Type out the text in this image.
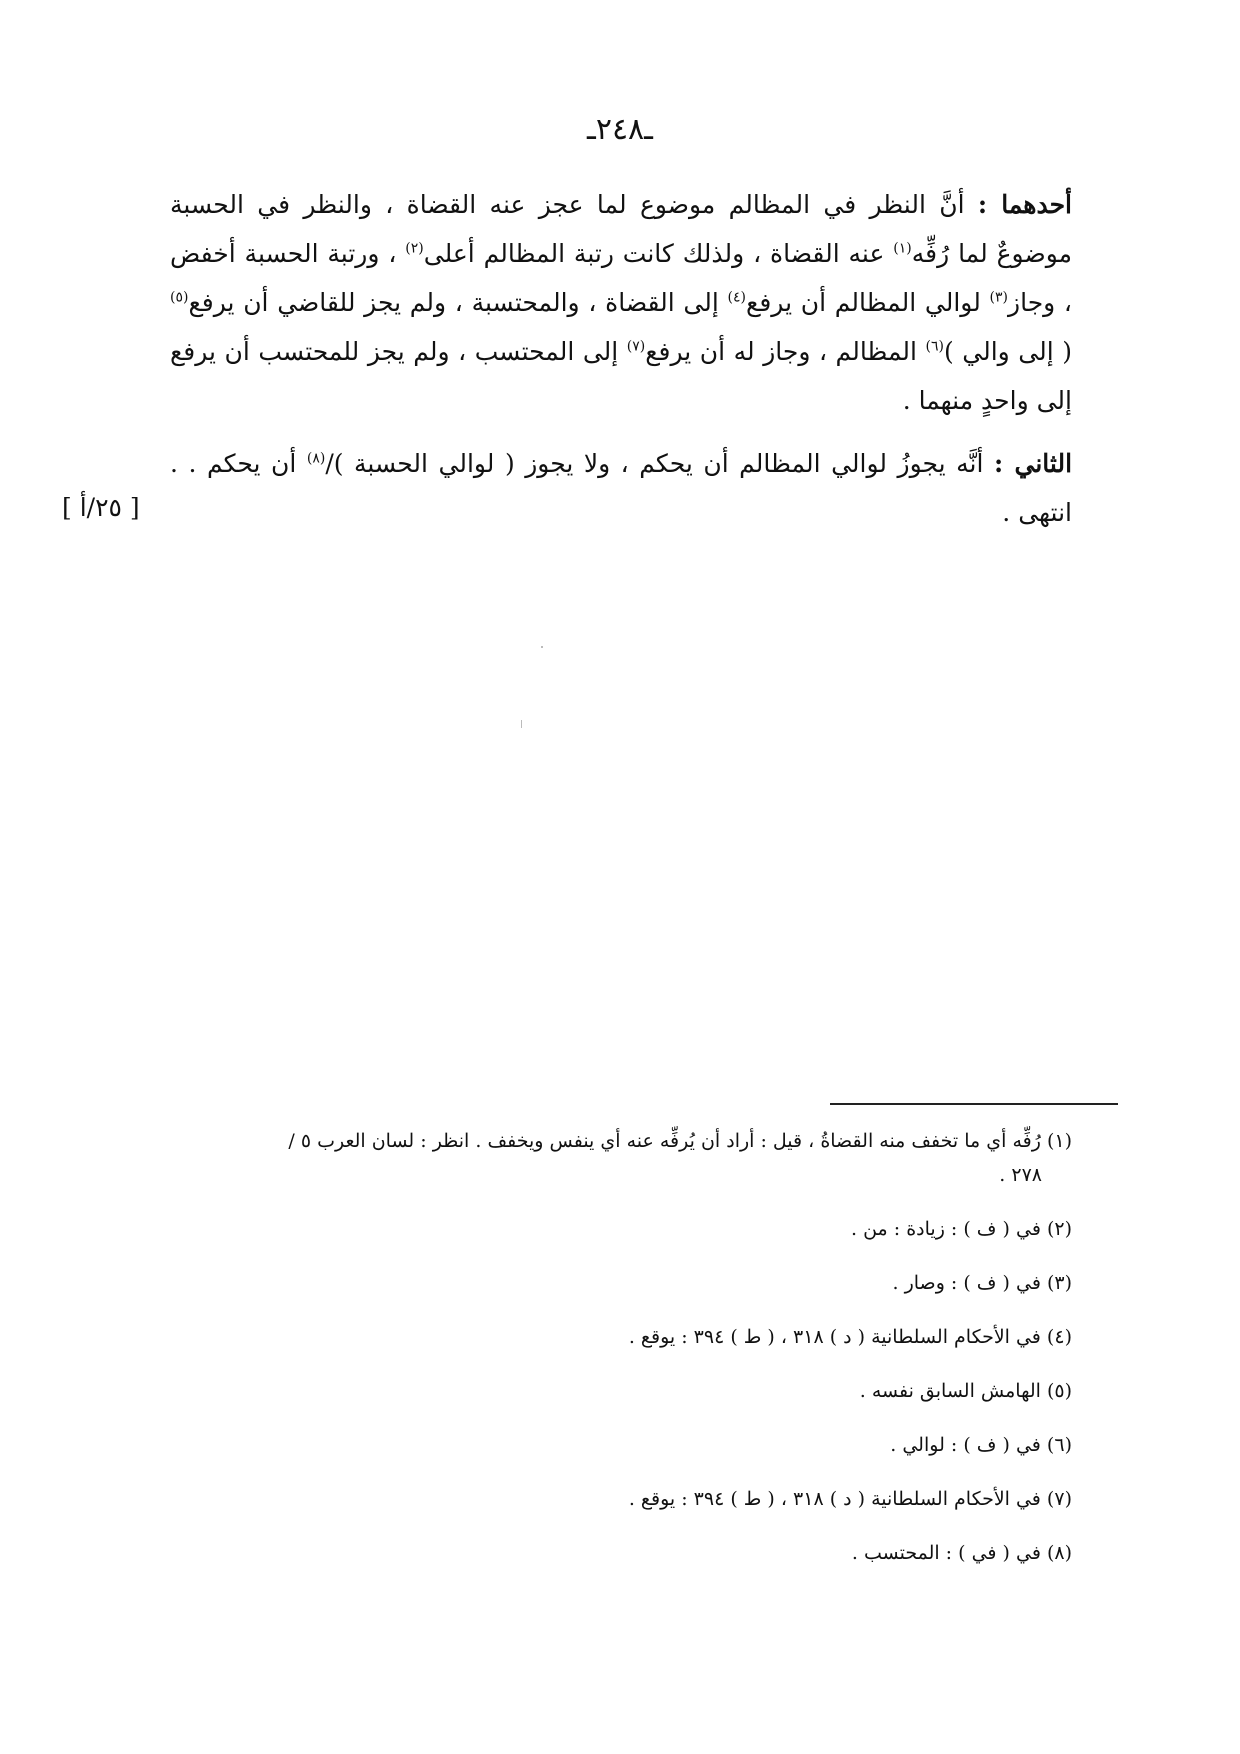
ـ٢٤٨ـ

أحدهما : أنَّ النظر في المظالم موضوع لما عجز عنه القضاة ، والنظر في الحسبة موضوعٌ لما رُفِّه$^{(١)}$ عنه القضاة ، ولذلك كانت رتبة المظالم أعلى$^{(٢)}$ ، ورتبة الحسبة أخفض ، وجاز$^{(٣)}$ لوالي المظالم أن يرفع$^{(٤)}$ إلى القضاة ، والمحتسبة ، ولم يجز للقاضي أن يرفع$^{(٥)}$ ( إلى والي )$^{(٦)}$ المظالم ، وجاز له أن يرفع$^{(٧)}$ إلى المحتسب ، ولم يجز للمحتسب أن يرفع إلى واحدٍ منهما .

الثاني : أنَّه يجوزُ لوالي المظالم أن يحكم ، ولا يجوز ( لوالي الحسبة )/$^{(٨)}$ أن يحكم . . انتهى .

[ ٢٥/أ ]
(١) رُفِّه أي ما تخفف منه القضاةُ ، قيل : أراد أن يُرفِّه عنه أي ينفس ويخفف . انظر : لسان العرب ٥ /
٢٧٨ .
(٢) في ( ف ) : زيادة : من .
(٣) في ( ف ) : وصار .
(٤) في الأحكام السلطانية ( د ) ٣١٨ ، ( ط ) ٣٩٤ : يوقع .
(٥) الهامش السابق نفسه .
(٦) في ( ف ) : لوالي .
(٧) في الأحكام السلطانية ( د ) ٣١٨ ، ( ط ) ٣٩٤ : يوقع .
(٨) في ( في ) : المحتسب .
